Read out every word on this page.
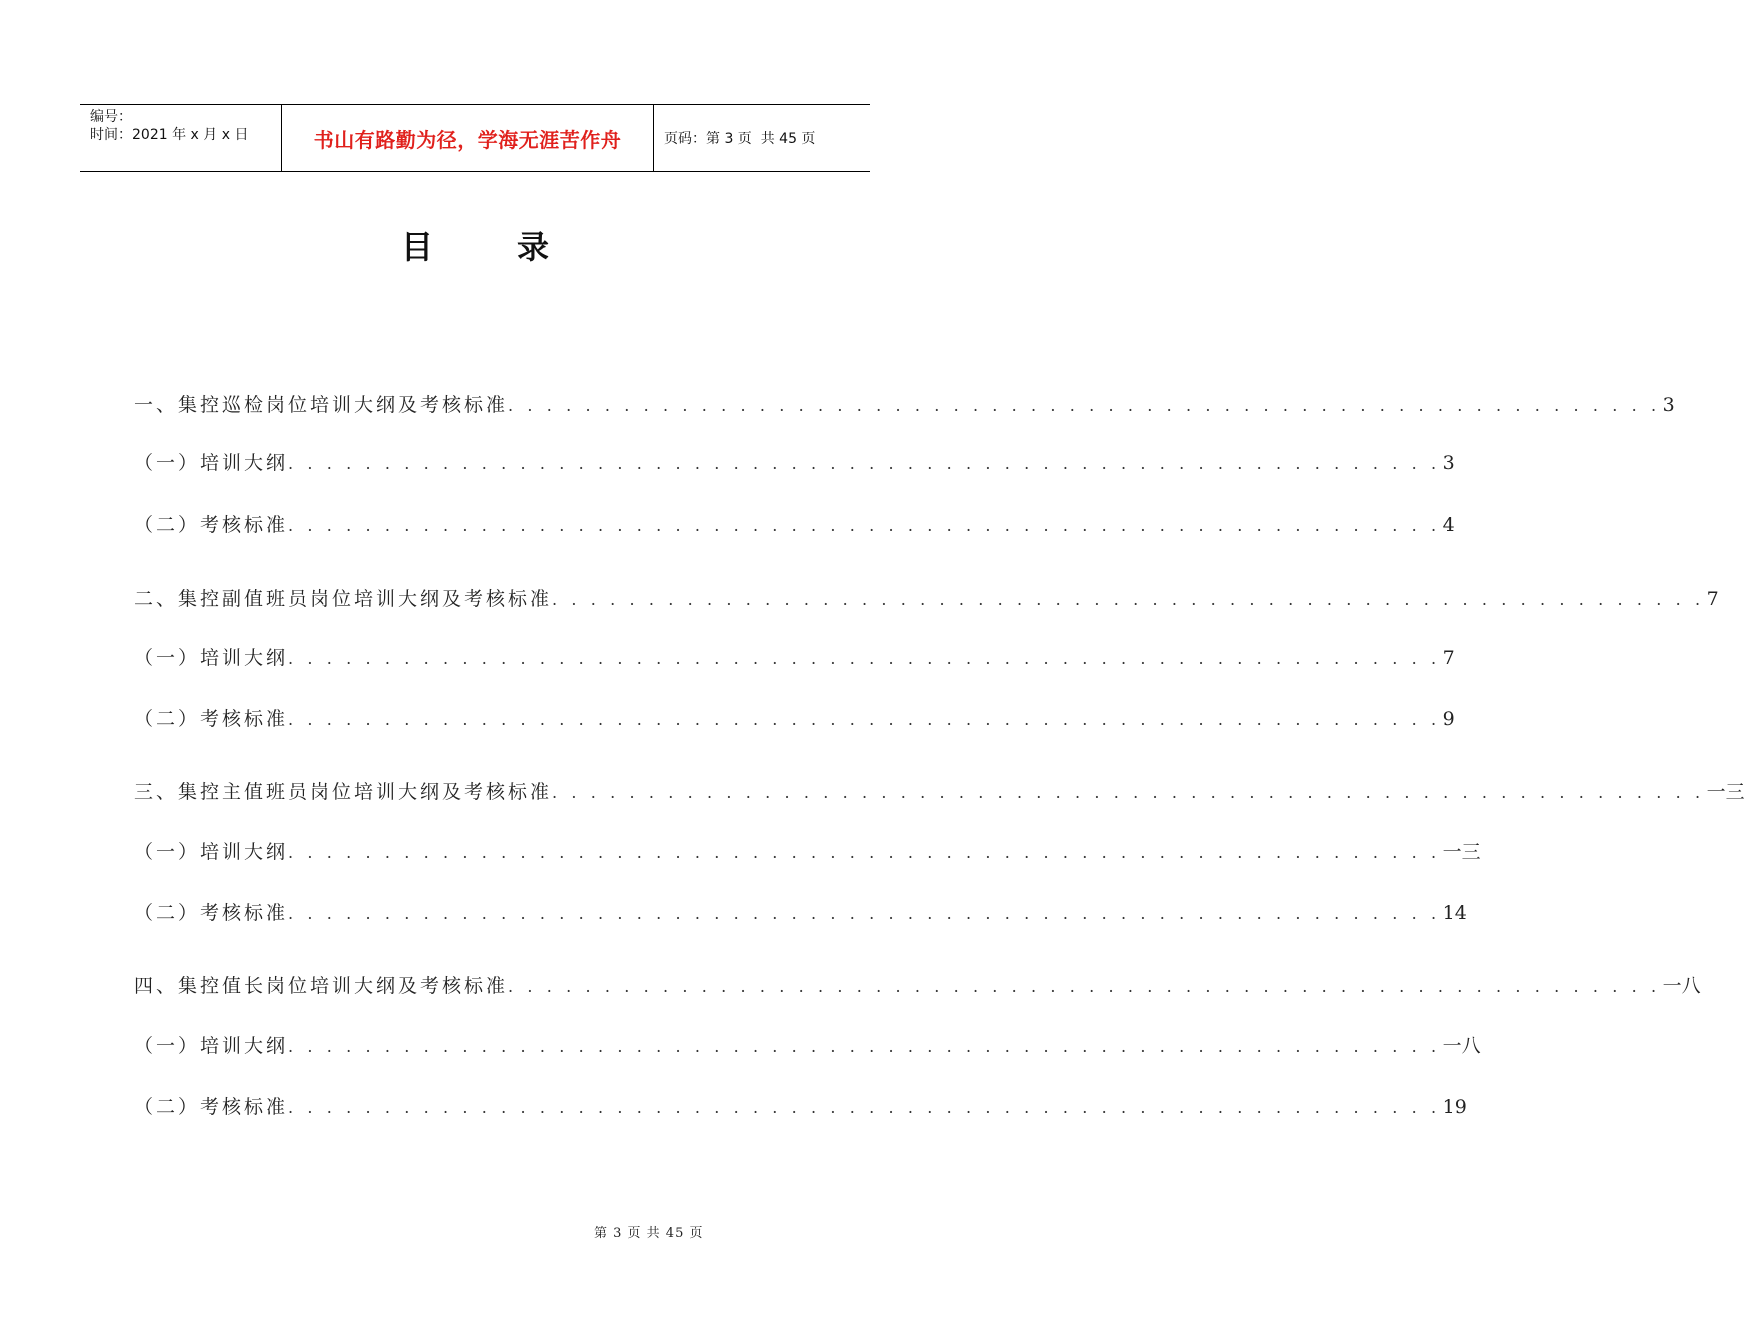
编号：
时间：2021 年 x 月 x 日	书山有路勤为径，学海无涯苦作舟	页码：第 3 页  共 45 页
目录
一、集控巡检岗位培训大纲及考核标准 . . . . . . . . . . . . . . . . . . . . . . . . . . . . . . . . . . . . . . . . . . . . . . . . . . . . . . . . . . . . 3
（一）培训大纲 . . . . . . . . . . . . . . . . . . . . . . . . . . . . . . . . . . . . . . . . . . . . . . . . . . . . . . . . . . . . 3
（二）考核标准 . . . . . . . . . . . . . . . . . . . . . . . . . . . . . . . . . . . . . . . . . . . . . . . . . . . . . . . . . . . . 4
二、集控副值班员岗位培训大纲及考核标准 . . . . . . . . . . . . . . . . . . . . . . . . . . . . . . . . . . . . . . . . . . . . . . . . . . . . . . . . . . . . 7
（一）培训大纲 . . . . . . . . . . . . . . . . . . . . . . . . . . . . . . . . . . . . . . . . . . . . . . . . . . . . . . . . . . . . 7
（二）考核标准 . . . . . . . . . . . . . . . . . . . . . . . . . . . . . . . . . . . . . . . . . . . . . . . . . . . . . . . . . . . . 9
三、集控主值班员岗位培训大纲及考核标准 . . . . . . . . . . . . . . . . . . . . . . . . . . . . . . . . . . . . . . . . . . . . . . . . . . . . . . . . . . . . 一三
（一）培训大纲 . . . . . . . . . . . . . . . . . . . . . . . . . . . . . . . . . . . . . . . . . . . . . . . . . . . . . . . . . . . . 一三
（二）考核标准 . . . . . . . . . . . . . . . . . . . . . . . . . . . . . . . . . . . . . . . . . . . . . . . . . . . . . . . . . . . . 14
四、集控值长岗位培训大纲及考核标准 . . . . . . . . . . . . . . . . . . . . . . . . . . . . . . . . . . . . . . . . . . . . . . . . . . . . . . . . . . . . 一八
（一）培训大纲 . . . . . . . . . . . . . . . . . . . . . . . . . . . . . . . . . . . . . . . . . . . . . . . . . . . . . . . . . . . . 一八
（二）考核标准 . . . . . . . . . . . . . . . . . . . . . . . . . . . . . . . . . . . . . . . . . . . . . . . . . . . . . . . . . . . . 19
第 3 页 共 45 页
